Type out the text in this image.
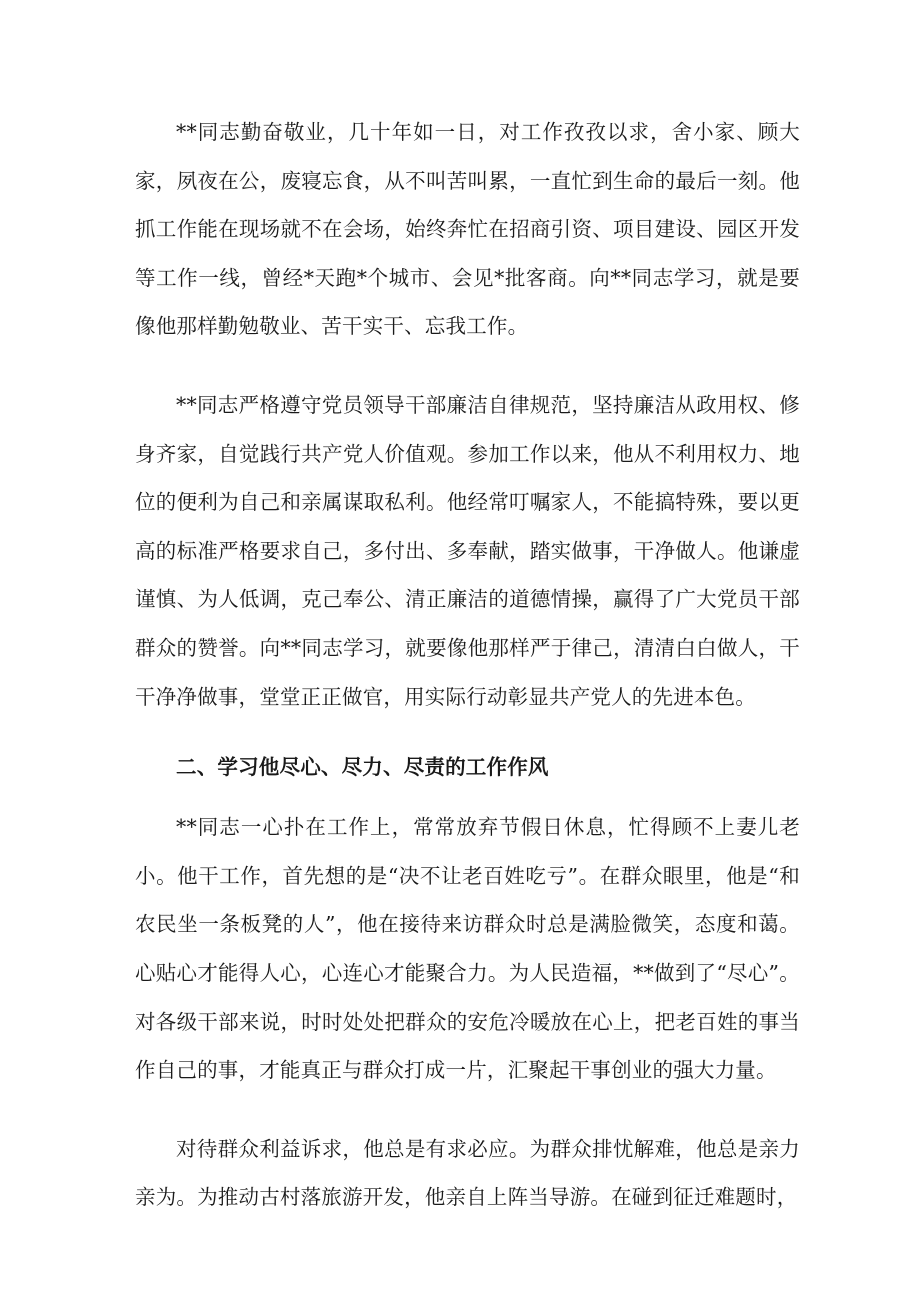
**同志勤奋敬业，几十年如一日，对工作孜孜以求，舍小家、顾大家，夙夜在公，废寝忘食，从不叫苦叫累，一直忙到生命的最后一刻。他抓工作能在现场就不在会场，始终奔忙在招商引资、项目建设、园区开发等工作一线，曾经*天跑*个城市、会见*批客商。向**同志学习，就是要像他那样勤勉敬业、苦干实干、忘我工作。

**同志严格遵守党员领导干部廉洁自律规范，坚持廉洁从政用权、修身齐家，自觉践行共产党人价值观。参加工作以来，他从不利用权力、地位的便利为自己和亲属谋取私利。他经常叮嘱家人，不能搞特殊，要以更高的标准严格要求自己，多付出、多奉献，踏实做事，干净做人。他谦虚谨慎、为人低调，克己奉公、清正廉洁的道德情操，赢得了广大党员干部群众的赞誉。向**同志学习，就要像他那样严于律己，清清白白做人，干干净净做事，堂堂正正做官，用实际行动彰显共产党人的先进本色。

二、学习他尽心、尽力、尽责的工作作风

**同志一心扑在工作上，常常放弃节假日休息，忙得顾不上妻儿老小。他干工作，首先想的是“决不让老百姓吃亏”。在群众眼里，他是“和农民坐一条板凳的人”，他在接待来访群众时总是满脸微笑，态度和蔼。心贴心才能得人心，心连心才能聚合力。为人民造福，**做到了“尽心”。对各级干部来说，时时处处把群众的安危冷暖放在心上，把老百姓的事当作自己的事，才能真正与群众打成一片，汇聚起干事创业的强大力量。

对待群众利益诉求，他总是有求必应。为群众排忧解难，他总是亲力亲为。为推动古村落旅游开发，他亲自上阵当导游。在碰到征迁难题时，
